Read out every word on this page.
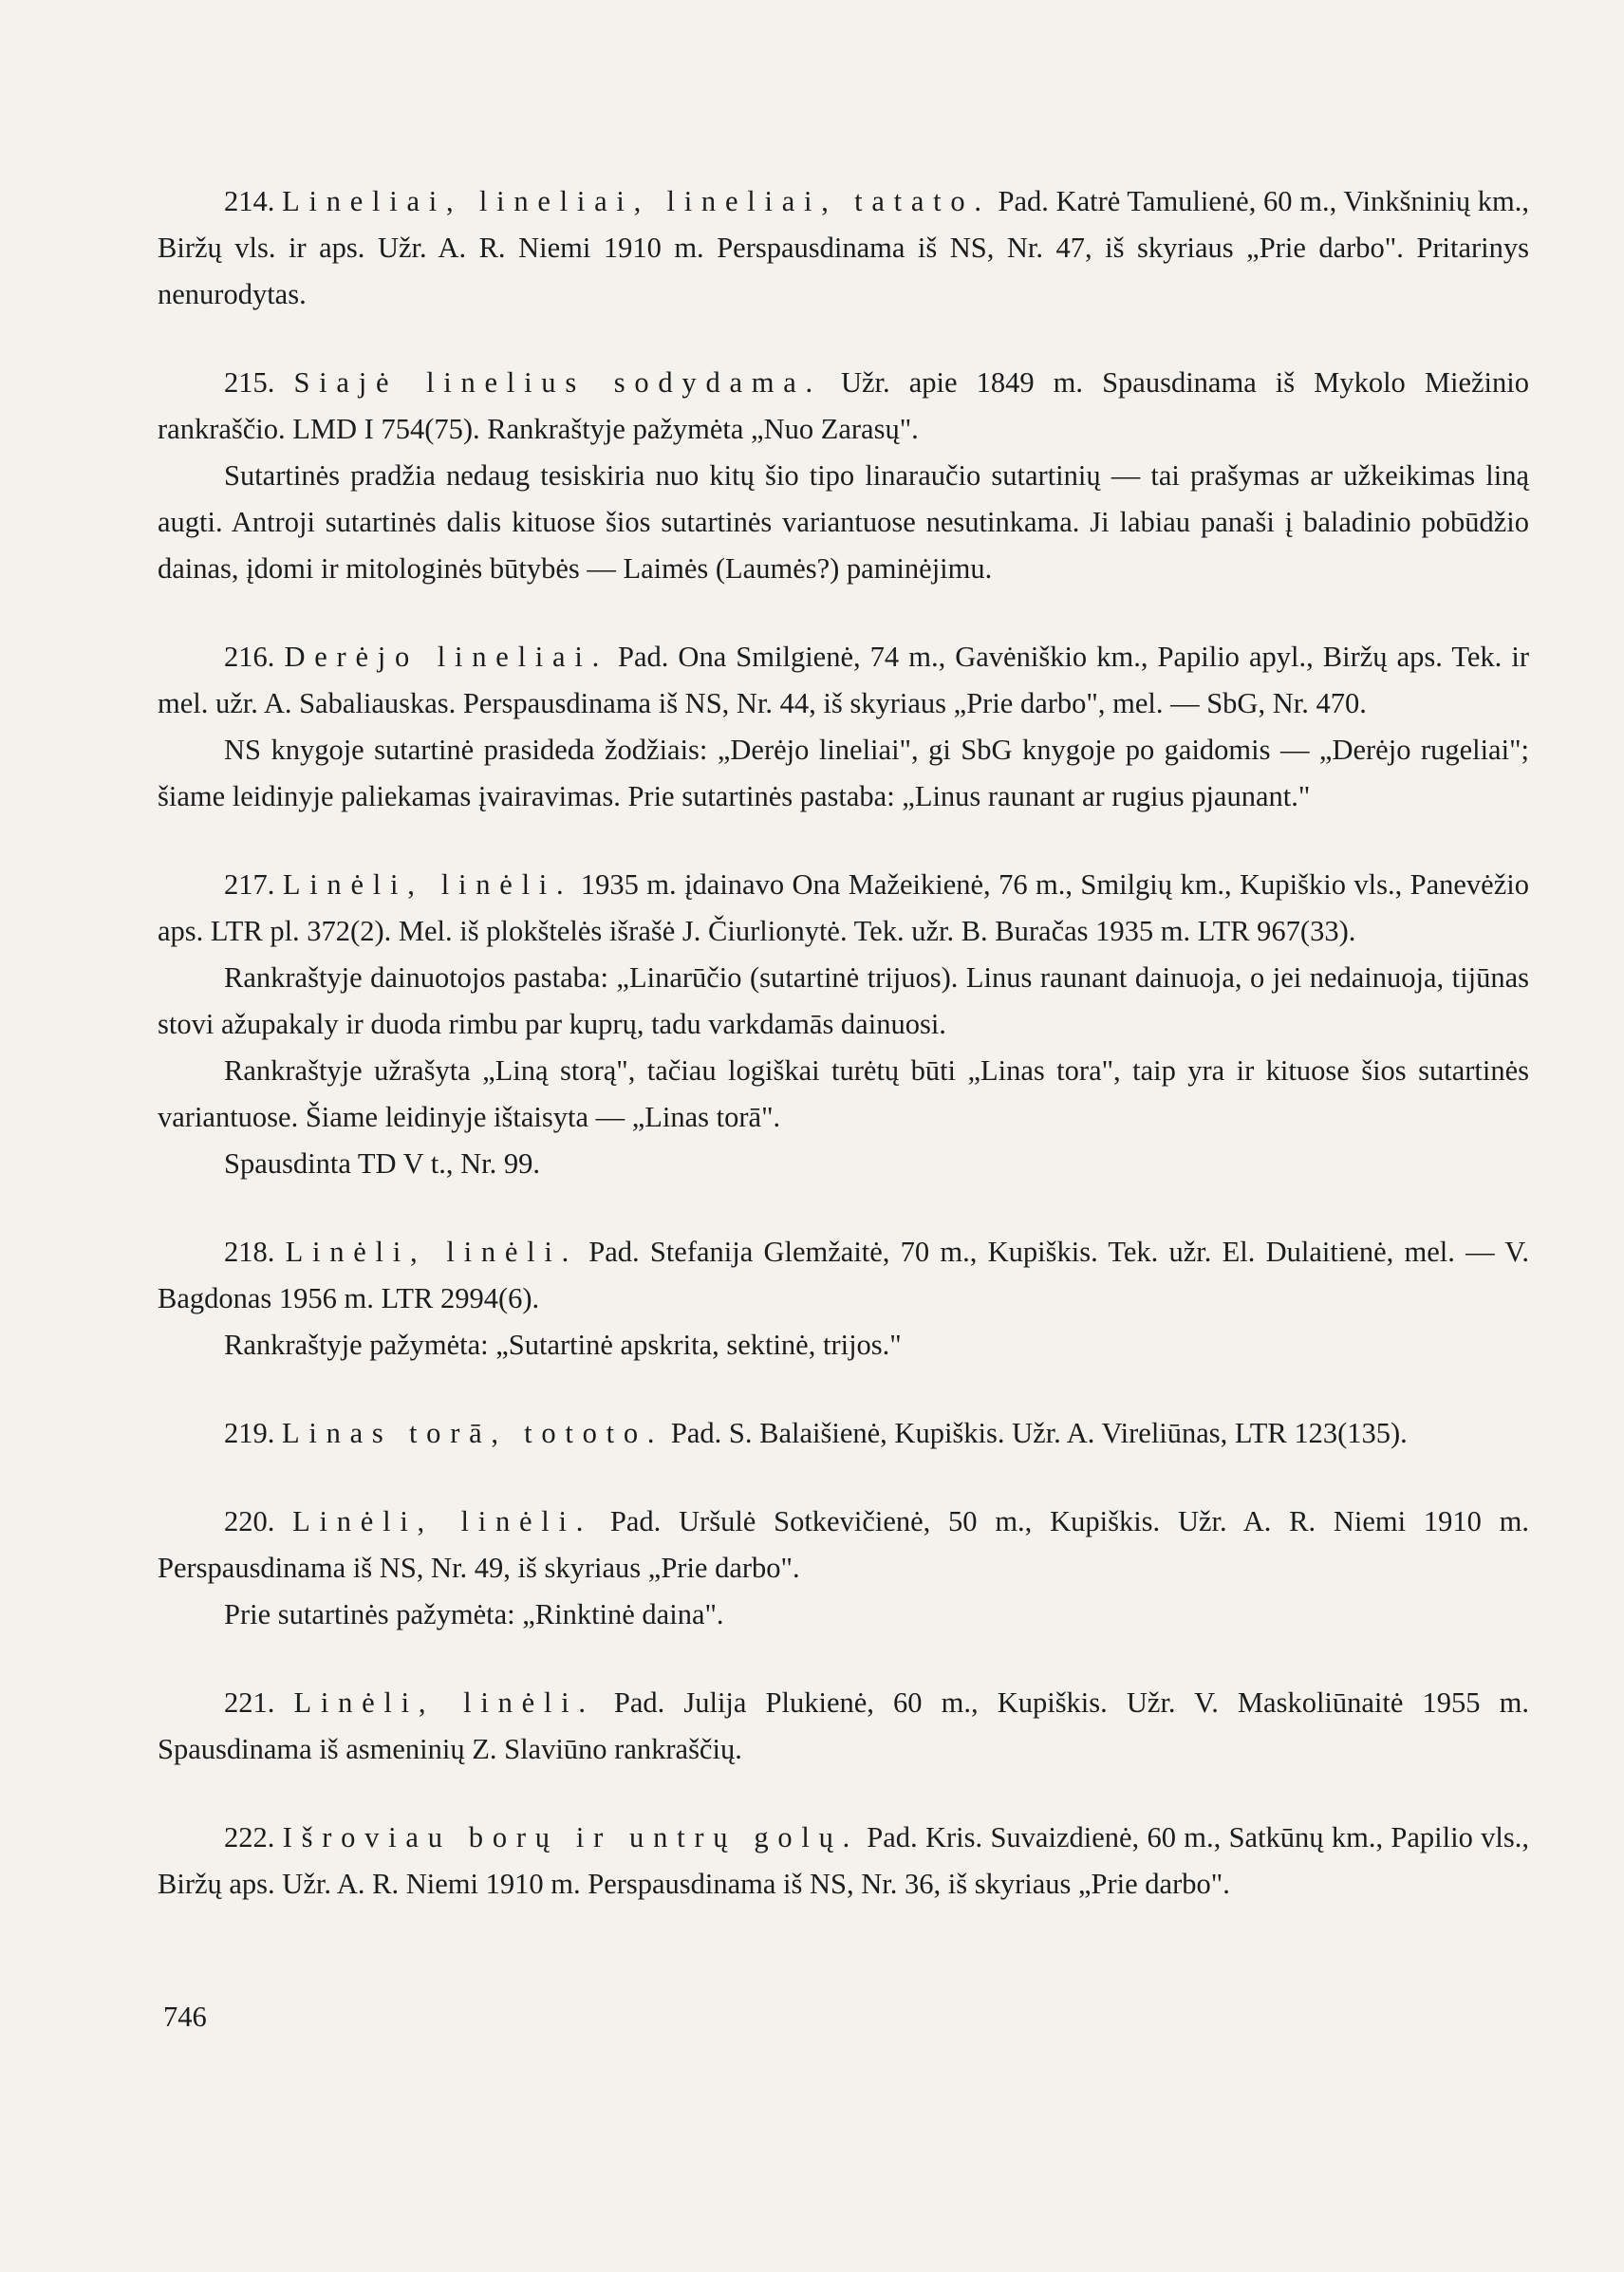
214. Lineliai, lineliai, lineliai, tatato. Pad. Katrė Tamulienė, 60 m., Vinkšninių km., Biržų vls. ir aps. Užr. A. R. Niemi 1910 m. Perspausdinama iš NS, Nr. 47, iš skyriaus „Prie darbo". Pritarinys nenurodytas.

215. Siajė linelius sodydama. Užr. apie 1849 m. Spausdinama iš Mykolo Miežinio rankraščio. LMD I 754(75). Rankraštyje pažymėta „Nuo Zarasų".

Sutartinės pradžia nedaug tesiskiria nuo kitų šio tipo linaraučio sutartinių — tai prašymas ar užkeikimas liną augti. Antroji sutartinės dalis kituose šios sutartinės variantuose nesutinkama. Ji labiau panaši į baladinio pobūdžio dainas, įdomi ir mitologinės būtybės — Laimės (Laumės?) paminėjimu.

216. Derėjo lineliai. Pad. Ona Smilgienė, 74 m., Gavėniškio km., Papilio apyl., Biržų aps. Tek. ir mel. užr. A. Sabaliauskas. Perspausdinama iš NS, Nr. 44, iš skyriaus „Prie darbo", mel. — SbG, Nr. 470.

NS knygoje sutartinė prasideda žodžiais: „Derėjo lineliai", gi SbG knygoje po gaidomis — „Derėjo rugeliai"; šiame leidinyje paliekamas įvairavimas. Prie sutartinės pastaba: „Linus raunant ar rugius pjaunant."

217. Linėli, linėli. 1935 m. įdainavo Ona Mažeikienė, 76 m., Smilgių km., Kupiškio vls., Panevėžio aps. LTR pl. 372(2). Mel. iš plokštelės išrašė J. Čiurlionytė. Tek. užr. B. Buračas 1935 m. LTR 967(33).

Rankraštyje dainuotojos pastaba: „Linarūčio (sutartinė trijuos). Linus raunant dainuoja, o jei nedainuoja, tijūnas stovi ažupakaly ir duoda rimbu par kuprų, tadu varkdamās dainuosi.

Rankraštyje užrašyta „Liną storą", tačiau logiškai turėtų būti „Linas tora", taip yra ir kituose šios sutartinės variantuose. Šiame leidinyje ištaisyta — „Linas torā".

Spausdinta TD V t., Nr. 99.

218. Linėli, linėli. Pad. Stefanija Glemžaitė, 70 m., Kupiškis. Tek. užr. El. Dulaitienė, mel. — V. Bagdonas 1956 m. LTR 2994(6).

Rankraštyje pažymėta: „Sutartinė apskrita, sektinė, trijos."

219. Linas torā, tototo. Pad. S. Balaišienė, Kupiškis. Užr. A. Vireliūnas, LTR 123(135).

220. Linėli, linėli. Pad. Uršulė Sotkevičienė, 50 m., Kupiškis. Užr. A. R. Niemi 1910 m. Perspausdinama iš NS, Nr. 49, iš skyriaus „Prie darbo".

Prie sutartinės pažymėta: „Rinktinė daina".

221. Linėli, linėli. Pad. Julija Plukienė, 60 m., Kupiškis. Užr. V. Maskoliūnaitė 1955 m. Spausdinama iš asmeninių Z. Slaviūno rankraščių.

222. Išroviau borų ir untrų golų. Pad. Kris. Suvaizdienė, 60 m., Satkūnų km., Papilio vls., Biržų aps. Užr. A. R. Niemi 1910 m. Perspausdinama iš NS, Nr. 36, iš skyriaus „Prie darbo".

746
